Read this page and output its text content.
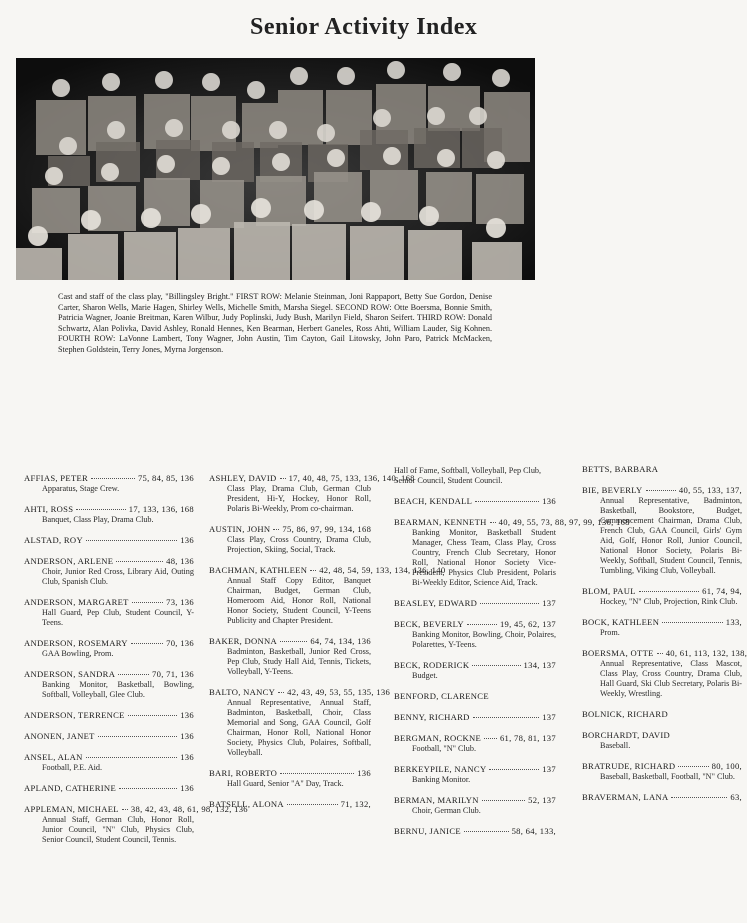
Senior Activity Index
Cast and staff of the class play, "Billingsley Bright." FIRST ROW: Melanie Steinman, Joni Rappaport, Betty Sue Gordon, Denise Carter, Sharon Wells, Marie Hagen, Shirley Wells, Michelle Smith, Marsha Siegel. SECOND ROW: Otte Boersma, Bonnie Smith, Patricia Wagner, Joanie Breitman, Karen Wilbur, Judy Poplinski, Judy Bush, Marilyn Field, Sharon Seifert. THIRD ROW: Donald Schwartz, Alan Polivka, David Ashley, Ronald Hennes, Ken Bearman, Herbert Ganeles, Ross Ahti, William Lauder, Sig Kohnen. FOURTH ROW: LaVonne Lambert, Tony Wagner, John Austin, Tim Cayton, Gail Litowsky, John Paro, Patrick McMacken, Stephen Goldstein, Terry Jones, Myrna Jorgenson.
AFFIAS, PETER	75, 84, 85, 136
Apparatus, Stage Crew.
AHTI, ROSS	17, 133, 136, 168
Banquet, Class Play, Drama Club.
ALSTAD, ROY	136
ANDERSON, ARLENE	48, 136
Choir, Junior Red Cross, Library Aid, Outing Club, Spanish Club.
ANDERSON, MARGARET	73, 136
Hall Guard, Pep Club, Student Council, Y-Teens.
ANDERSON, ROSEMARY	70, 136
GAA Bowling, Prom.
ANDERSON, SANDRA	70, 71, 136
Banking Monitor, Basketball, Bowling, Softball, Volleyball, Glee Club.
ANDERSON, TERRENCE	136
ANONEN, JANET	136
ANSEL, ALAN	136
Football, P.E. Aid.
APLAND, CATHERINE	136
APPLEMAN, MICHAEL 38, 42, 43, 48, 61, 98, 132, 136
Annual Staff, German Club, Honor Roll, Junior Council, "N" Club, Physics Club, Senior Council, Student Council, Tennis.
ASHLEY, DAVID 17, 40, 48, 75, 133, 136, 140, 168
Class Play, Drama Club, German Club President, Hi-Y, Hockey, Honor Roll, Polaris Bi-Weekly, Prom co-chairman.
AUSTIN, JOHN 75, 86, 97, 99, 134, 168
Class Play, Cross Country, Drama Club, Projection, Skiing, Social, Track.
BACHMAN, KATHLEEN 42, 48, 54, 59, 133, 134, 136, 140
Annual Staff Copy Editor, Banquet Chairman, Budget, German Club, Homeroom Aid, Honor Roll, National Honor Society, Student Council, Y-Teens Publicity and Chapter President.
BAKER, DONNA	64, 74, 134, 136
Badminton, Basketball, Junior Red Cross, Pep Club, Study Hall Aid, Tennis, Tickets, Volleyball, Y-Teens.
BALTO, NANCY 42, 43, 49, 53, 55, 135, 136
Annual Representative, Annual Staff, Badminton, Basketball, Choir, Class Memorial and Song, GAA Council, Golf Chairman, Honor Roll, National Honor Society, Physics Club, Polaires, Softball, Volleyball.
BARI, ROBERTO	136
Hall Guard, Senior "A" Day, Track.
BATSELL, ALONA	71, 132,
Hall of Fame, Softball, Volleyball, Pep Club, Senior Council, Student Council.
BEACH, KENDALL	136
BEARMAN, KENNETH 40, 49, 55, 73, 88, 97, 99, 136, 168
Banking Monitor, Basketball Student Manager, Chess Team, Class Play, Cross Country, French Club Secretary, Honor Roll, National Honor Society Vice-President, Physics Club President, Polaris Bi-Weekly Editor, Science Aid, Track.
BEASLEY, EDWARD	137
BECK, BEVERLY	19, 45, 62, 137
Banking Monitor, Bowling, Choir, Polaires, Polarettes, Y-Teens.
BECK, RODERICK	134, 137
Budget.
BENFORD, CLARENCE
BENNY, RICHARD	137
BERGMAN, ROCKNE 61, 78, 81, 137
Football, "N" Club.
BERKEYPILE, NANCY	137
Banking Monitor.
BERMAN, MARILYN	52, 137
Choir, German Club.
BERNU, JANICE	58, 64, 133,
BETTS, BARBARA
BIE, BEVERLY	40, 55, 133, 137,
Annual Representative, Badminton, Basketball, Bookstore, Budget, Commencement Chairman, Drama Club, French Club, GAA Council, Girls' Gym Aid, Golf, Honor Roll, Junior Council, National Honor Society, Polaris Bi-Weekly, Softball, Student Council, Tennis, Tumbling, Viking Club, Volleyball.
BLOM, PAUL	61, 74, 94,
Hockey, "N" Club, Projection, Rink Club.
BOCK, KATHLEEN	133,
Prom.
BOERSMA, OTTE 40, 61, 113, 132, 138,
Annual Representative, Class Mascot, Class Play, Cross Country, Drama Club, Hall Guard, Ski Club Secretary, Polaris Bi-Weekly, Wrestling.
BOLNICK, RICHARD
BORCHARDT, DAVID
Baseball.
BRATRUDE, RICHARD	80, 100,
Baseball, Basketball, Football, "N" Club.
BRAVERMAN, LANA	63,
